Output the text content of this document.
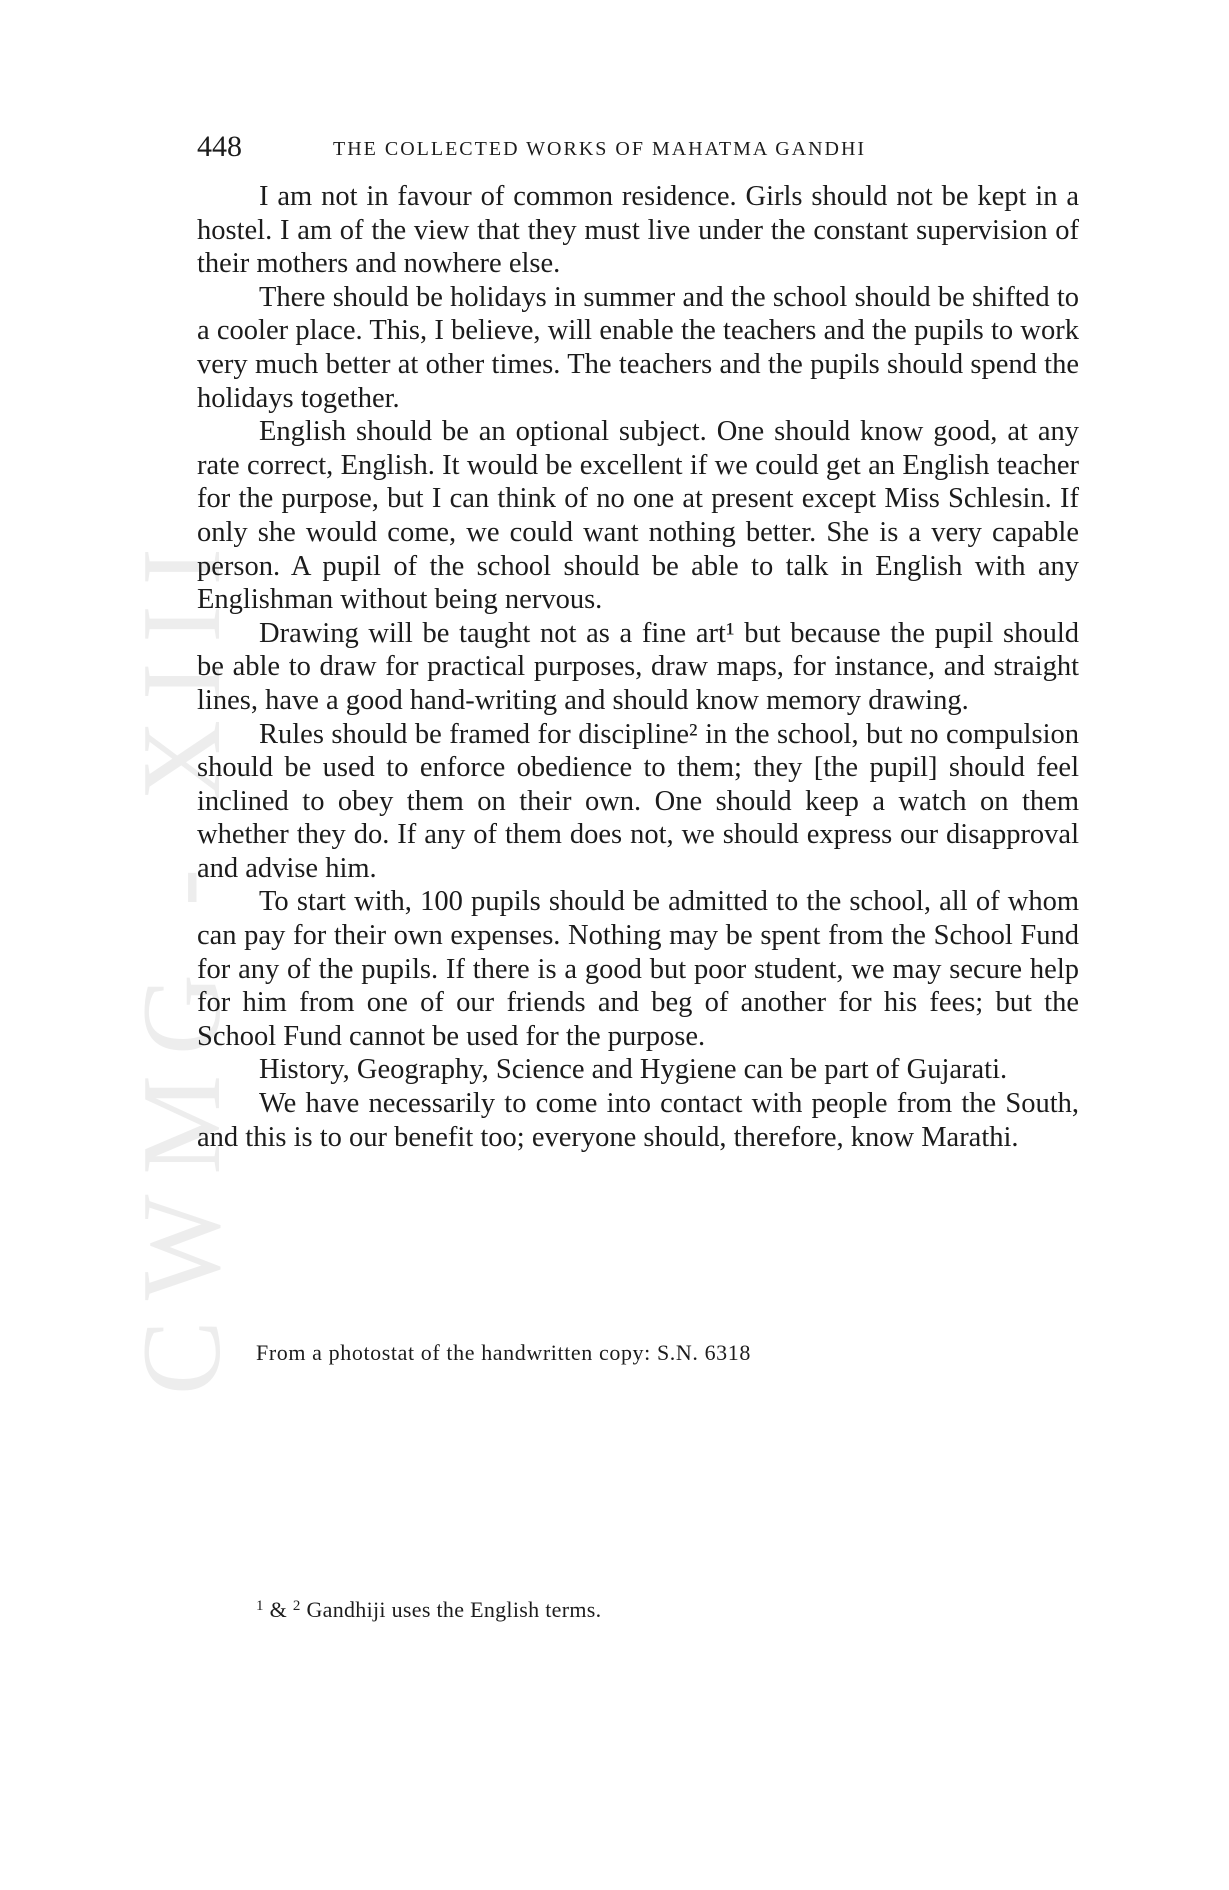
CWMG - XIII
448	THE COLLECTED WORKS OF MAHATMA GANDHI

I am not in favour of common residence. Girls should not be kept in a hostel. I am of the view that they must live under the constant supervision of their mothers and nowhere else.

There should be holidays in summer and the school should be shifted to a cooler place. This, I believe, will enable the teachers and the pupils to work very much better at other times. The teachers and the pupils should spend the holidays together.

English should be an optional subject. One should know good, at any rate correct, English. It would be excellent if we could get an English teacher for the purpose, but I can think of no one at present except Miss Schlesin. If only she would come, we could want nothing better. She is a very capable person. A pupil of the school should be able to talk in English with any Englishman without being nervous.

Drawing will be taught not as a fine art¹ but because the pupil should be able to draw for practical purposes, draw maps, for instance, and straight lines, have a good hand-writing and should know memory drawing.

Rules should be framed for discipline² in the school, but no compulsion should be used to enforce obedience to them; they [the pupil] should feel inclined to obey them on their own. One should keep a watch on them whether they do. If any of them does not, we should express our disapproval and advise him.

To start with, 100 pupils should be admitted to the school, all of whom can pay for their own expenses. Nothing may be spent from the School Fund for any of the pupils. If there is a good but poor student, we may secure help for him from one of our friends and beg of another for his fees; but the School Fund cannot be used for the purpose.

History, Geography, Science and Hygiene can be part of Gujarati.

We have necessarily to come into contact with people from the South, and this is to our benefit too; everyone should, therefore, know Marathi.

From a photostat of the handwritten copy: S.N. 6318
$^1$ & $^2$ Gandhiji uses the English terms.
